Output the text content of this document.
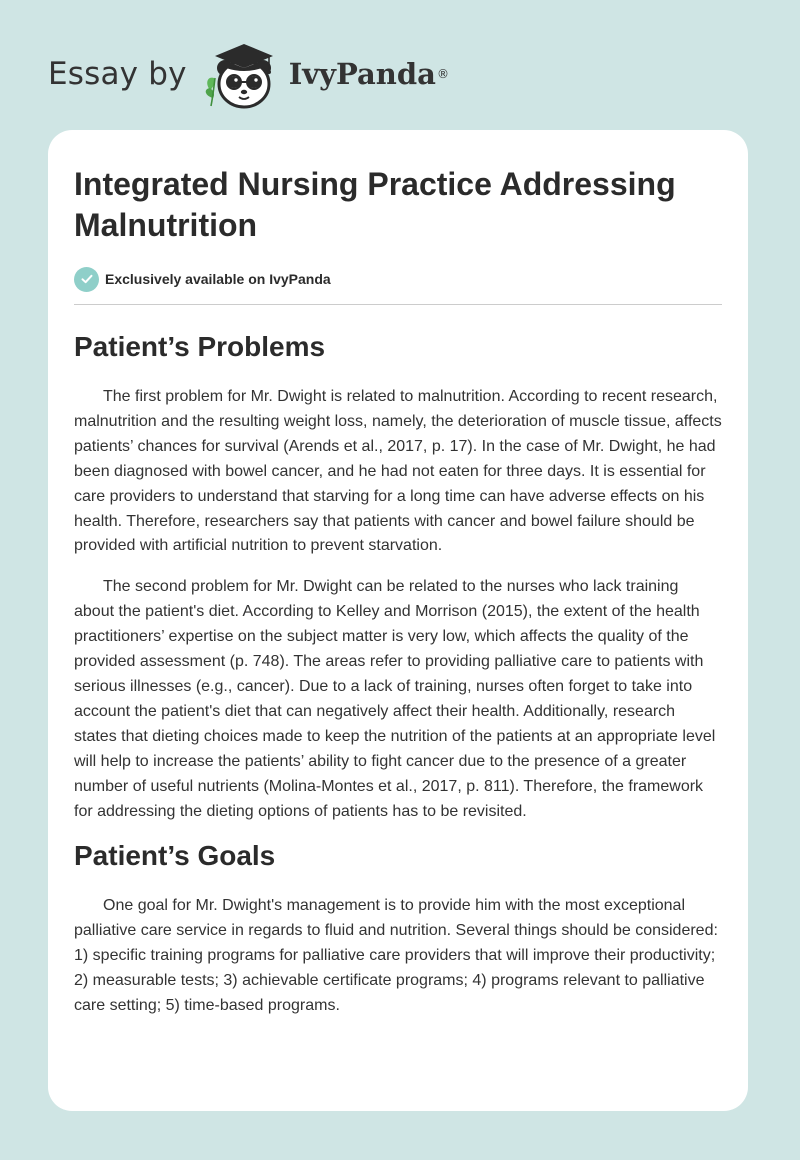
Essay by	IvyPanda ®
Integrated Nursing Practice Addressing Malnutrition
Exclusively available on IvyPanda
Patient’s Problems

The first problem for Mr. Dwight is related to malnutrition. According to recent research, malnutrition and the resulting weight loss, namely, the deterioration of muscle tissue, affects patients’ chances for survival (Arends et al., 2017, p. 17). In the case of Mr. Dwight, he had been diagnosed with bowel cancer, and he had not eaten for three days. It is essential for care providers to understand that starving for a long time can have adverse effects on his health. Therefore, researchers say that patients with cancer and bowel failure should be provided with artificial nutrition to prevent starvation.

The second problem for Mr. Dwight can be related to the nurses who lack training about the patient's diet. According to Kelley and Morrison (2015), the extent of the health practitioners’ expertise on the subject matter is very low, which affects the quality of the provided assessment (p. 748). The areas refer to providing palliative care to patients with serious illnesses (e.g., cancer). Due to a lack of training, nurses often forget to take into account the patient's diet that can negatively affect their health. Additionally, research states that dieting choices made to keep the nutrition of the patients at an appropriate level will help to increase the patients’ ability to fight cancer due to the presence of a greater number of useful nutrients (Molina-Montes et al., 2017, p. 811). Therefore, the framework for addressing the dieting options of patients has to be revisited.

Patient’s Goals

One goal for Mr. Dwight's management is to provide him with the most exceptional palliative care service in regards to fluid and nutrition. Several things should be considered: 1) specific training programs for palliative care providers that will improve their productivity; 2) measurable tests; 3) achievable certificate programs; 4) programs relevant to palliative care setting; 5) time-based programs.
